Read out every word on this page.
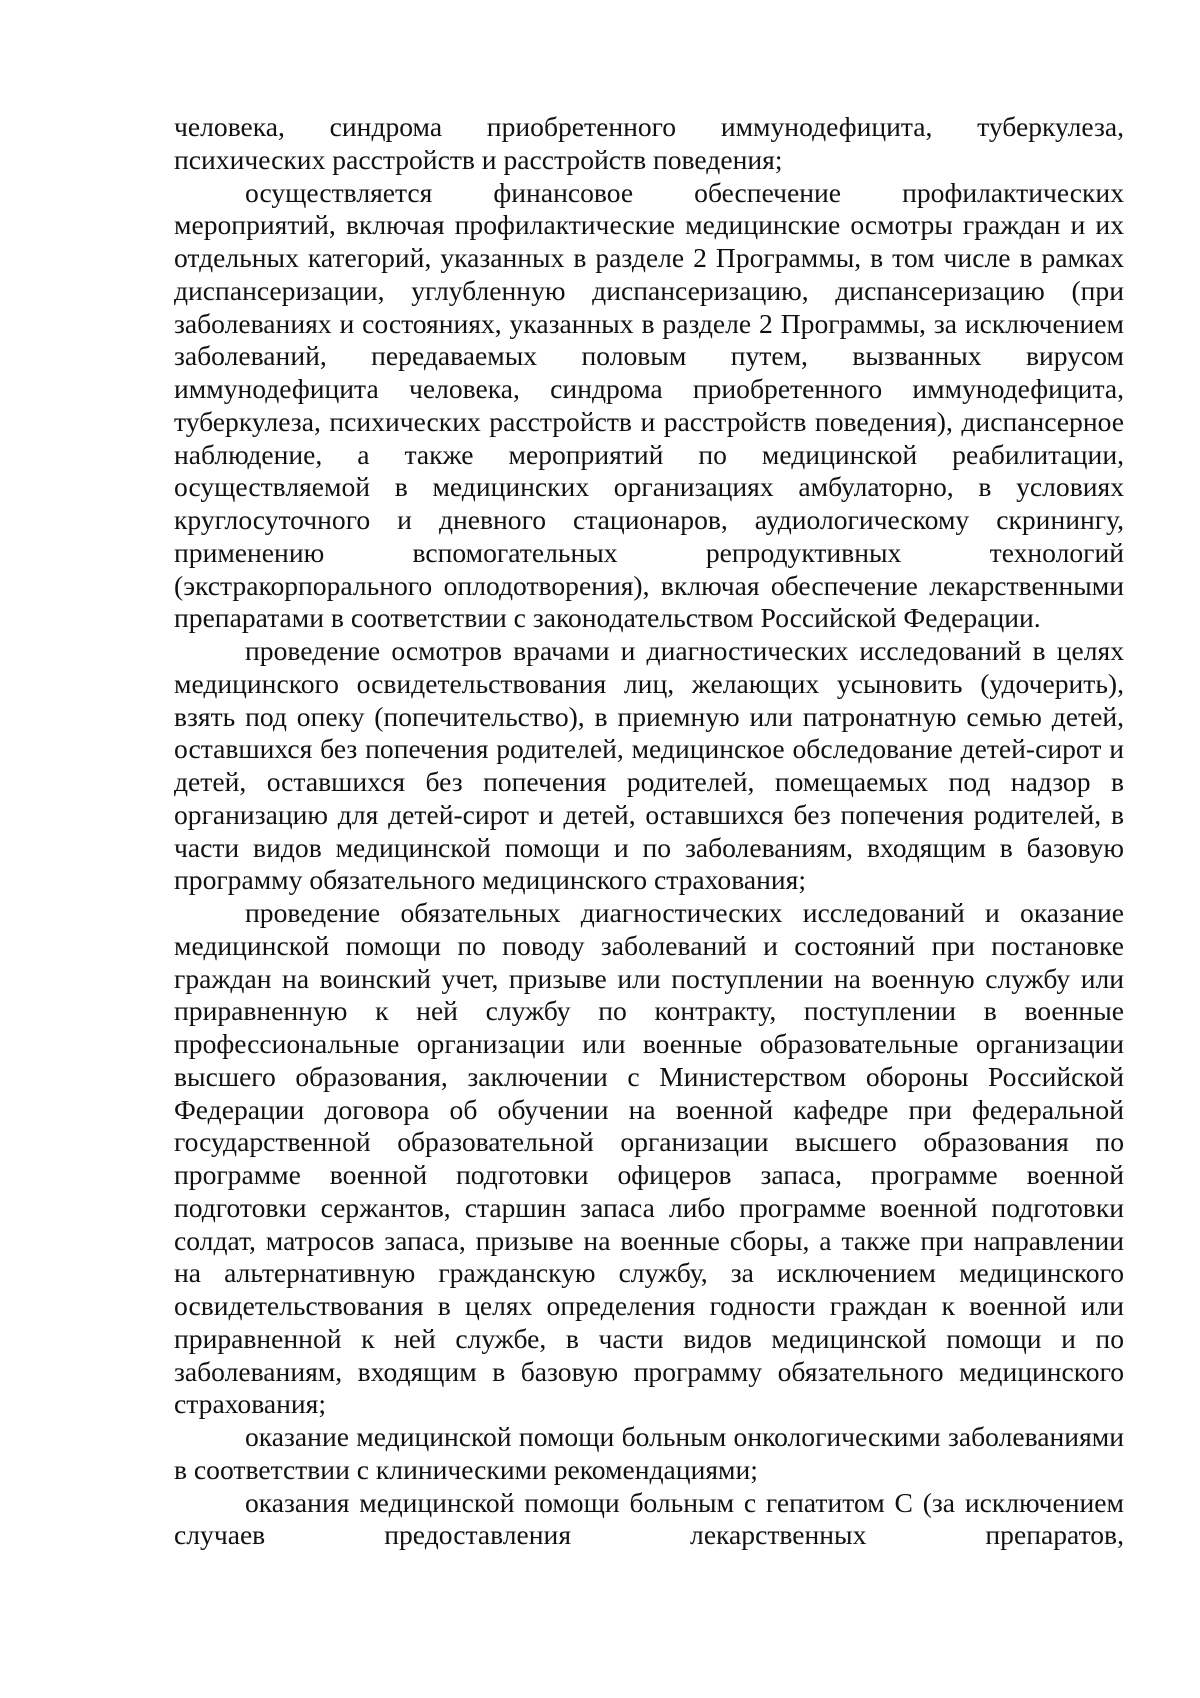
человека, синдрома приобретенного иммунодефицита, туберкулеза, психических расстройств и расстройств поведения;

осуществляется финансовое обеспечение профилактических мероприятий, включая профилактические медицинские осмотры граждан и их отдельных категорий, указанных в разделе 2 Программы, в том числе в рамках диспансеризации, углубленную диспансеризацию, диспансеризацию (при заболеваниях и состояниях, указанных в разделе 2 Программы, за исключением заболеваний, передаваемых половым путем, вызванных вирусом иммунодефицита человека, синдрома приобретенного иммунодефицита, туберкулеза, психических расстройств и расстройств поведения), диспансерное наблюдение, а также мероприятий по медицинской реабилитации, осуществляемой в медицинских организациях амбулаторно, в условиях круглосуточного и дневного стационаров, аудиологическому скринингу, применению вспомогательных репродуктивных технологий (экстракорпорального оплодотворения), включая обеспечение лекарственными препаратами в соответствии с законодательством Российской Федерации.

проведение осмотров врачами и диагностических исследований в целях медицинского освидетельствования лиц, желающих усыновить (удочерить), взять под опеку (попечительство), в приемную или патронатную семью детей, оставшихся без попечения родителей, медицинское обследование детей-сирот и детей, оставшихся без попечения родителей, помещаемых под надзор в организацию для детей-сирот и детей, оставшихся без попечения родителей, в части видов медицинской помощи и по заболеваниям, входящим в базовую программу обязательного медицинского страхования;

проведение обязательных диагностических исследований и оказание медицинской помощи по поводу заболеваний и состояний при постановке граждан на воинский учет, призыве или поступлении на военную службу или приравненную к ней службу по контракту, поступлении в военные профессиональные организации или военные образовательные организации высшего образования, заключении с Министерством обороны Российской Федерации договора об обучении на военной кафедре при федеральной государственной образовательной организации высшего образования по программе военной подготовки офицеров запаса, программе военной подготовки сержантов, старшин запаса либо программе военной подготовки солдат, матросов запаса, призыве на военные сборы, а также при направлении на альтернативную гражданскую службу, за исключением медицинского освидетельствования в целях определения годности граждан к военной или приравненной к ней службе, в части видов медицинской помощи и по заболеваниям, входящим в базовую программу обязательного медицинского страхования;

оказание медицинской помощи больным онкологическими заболеваниями в соответствии с клиническими рекомендациями;

оказания медицинской помощи больным с гепатитом С (за исключением случаев предоставления лекарственных препаратов,
